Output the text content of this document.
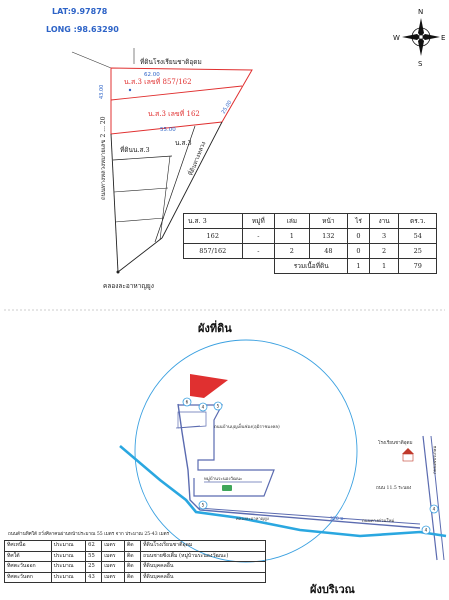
LAT:9.97878
LONG :98.63290
N
S
E
W
ที่ดินโรงเรียนชาติอุดม
62.00
43.00
25.00
55.00
น.ส.3 เลขที่ 857/162
น.ส.3 เลขที่ 162
ถนนทางหลวงหมายเลข 2 ... 20 ที่ดินน.ส.3
น.ส.3
ที่ดินทางหลวง
คลองละอาหาญยูง
ผังที่ดิน
ถนนบ้านบุญเย็นช่อง(อุมิราชมงคล)
หมู่บ้านระนองวัฒนะ
คลองละอาหาญยูง	320 ม.	ถนนทางด่วนใหม่
โรงเรียนชาติอุดม
ถนน 11.5 ระนอง
ถนนเพชรเกษม
6
4	5
5
4
4
ผังบริเวณ
น.ส. 3	หมู่ที่	เล่ม	หน้า	ไร่	งาน	ตร.ว.
162	-	1	132	0	3	54
857/162	-	2	48	0	2	25
		รวมเนื้อที่ดิน		1	1	79
ถนนด้านทิศใต้ ถวั่งศิลาคนผ่านหน้าประมาณ 55 เมตร จาก ประมาณ 25-43 เมตร
ทิศเหนือ	ประมาณ	62	เมตร	ติด	ที่ดินโรงเรียนชาติอุดม
ทิศใต้	ประมาณ	55	เมตร	ติด	ถนนชายซิงเติ้ม (หมู่บ้านระนองวัฒนะ)
ทิศตะวันออก	ประมาณ	25	เมตร	ติด	ที่ดินบุคคลอื่น
ทิศตะวันตก	ประมาณ	43	เมตร	ติด	ที่ดินบุคคลอื่น
